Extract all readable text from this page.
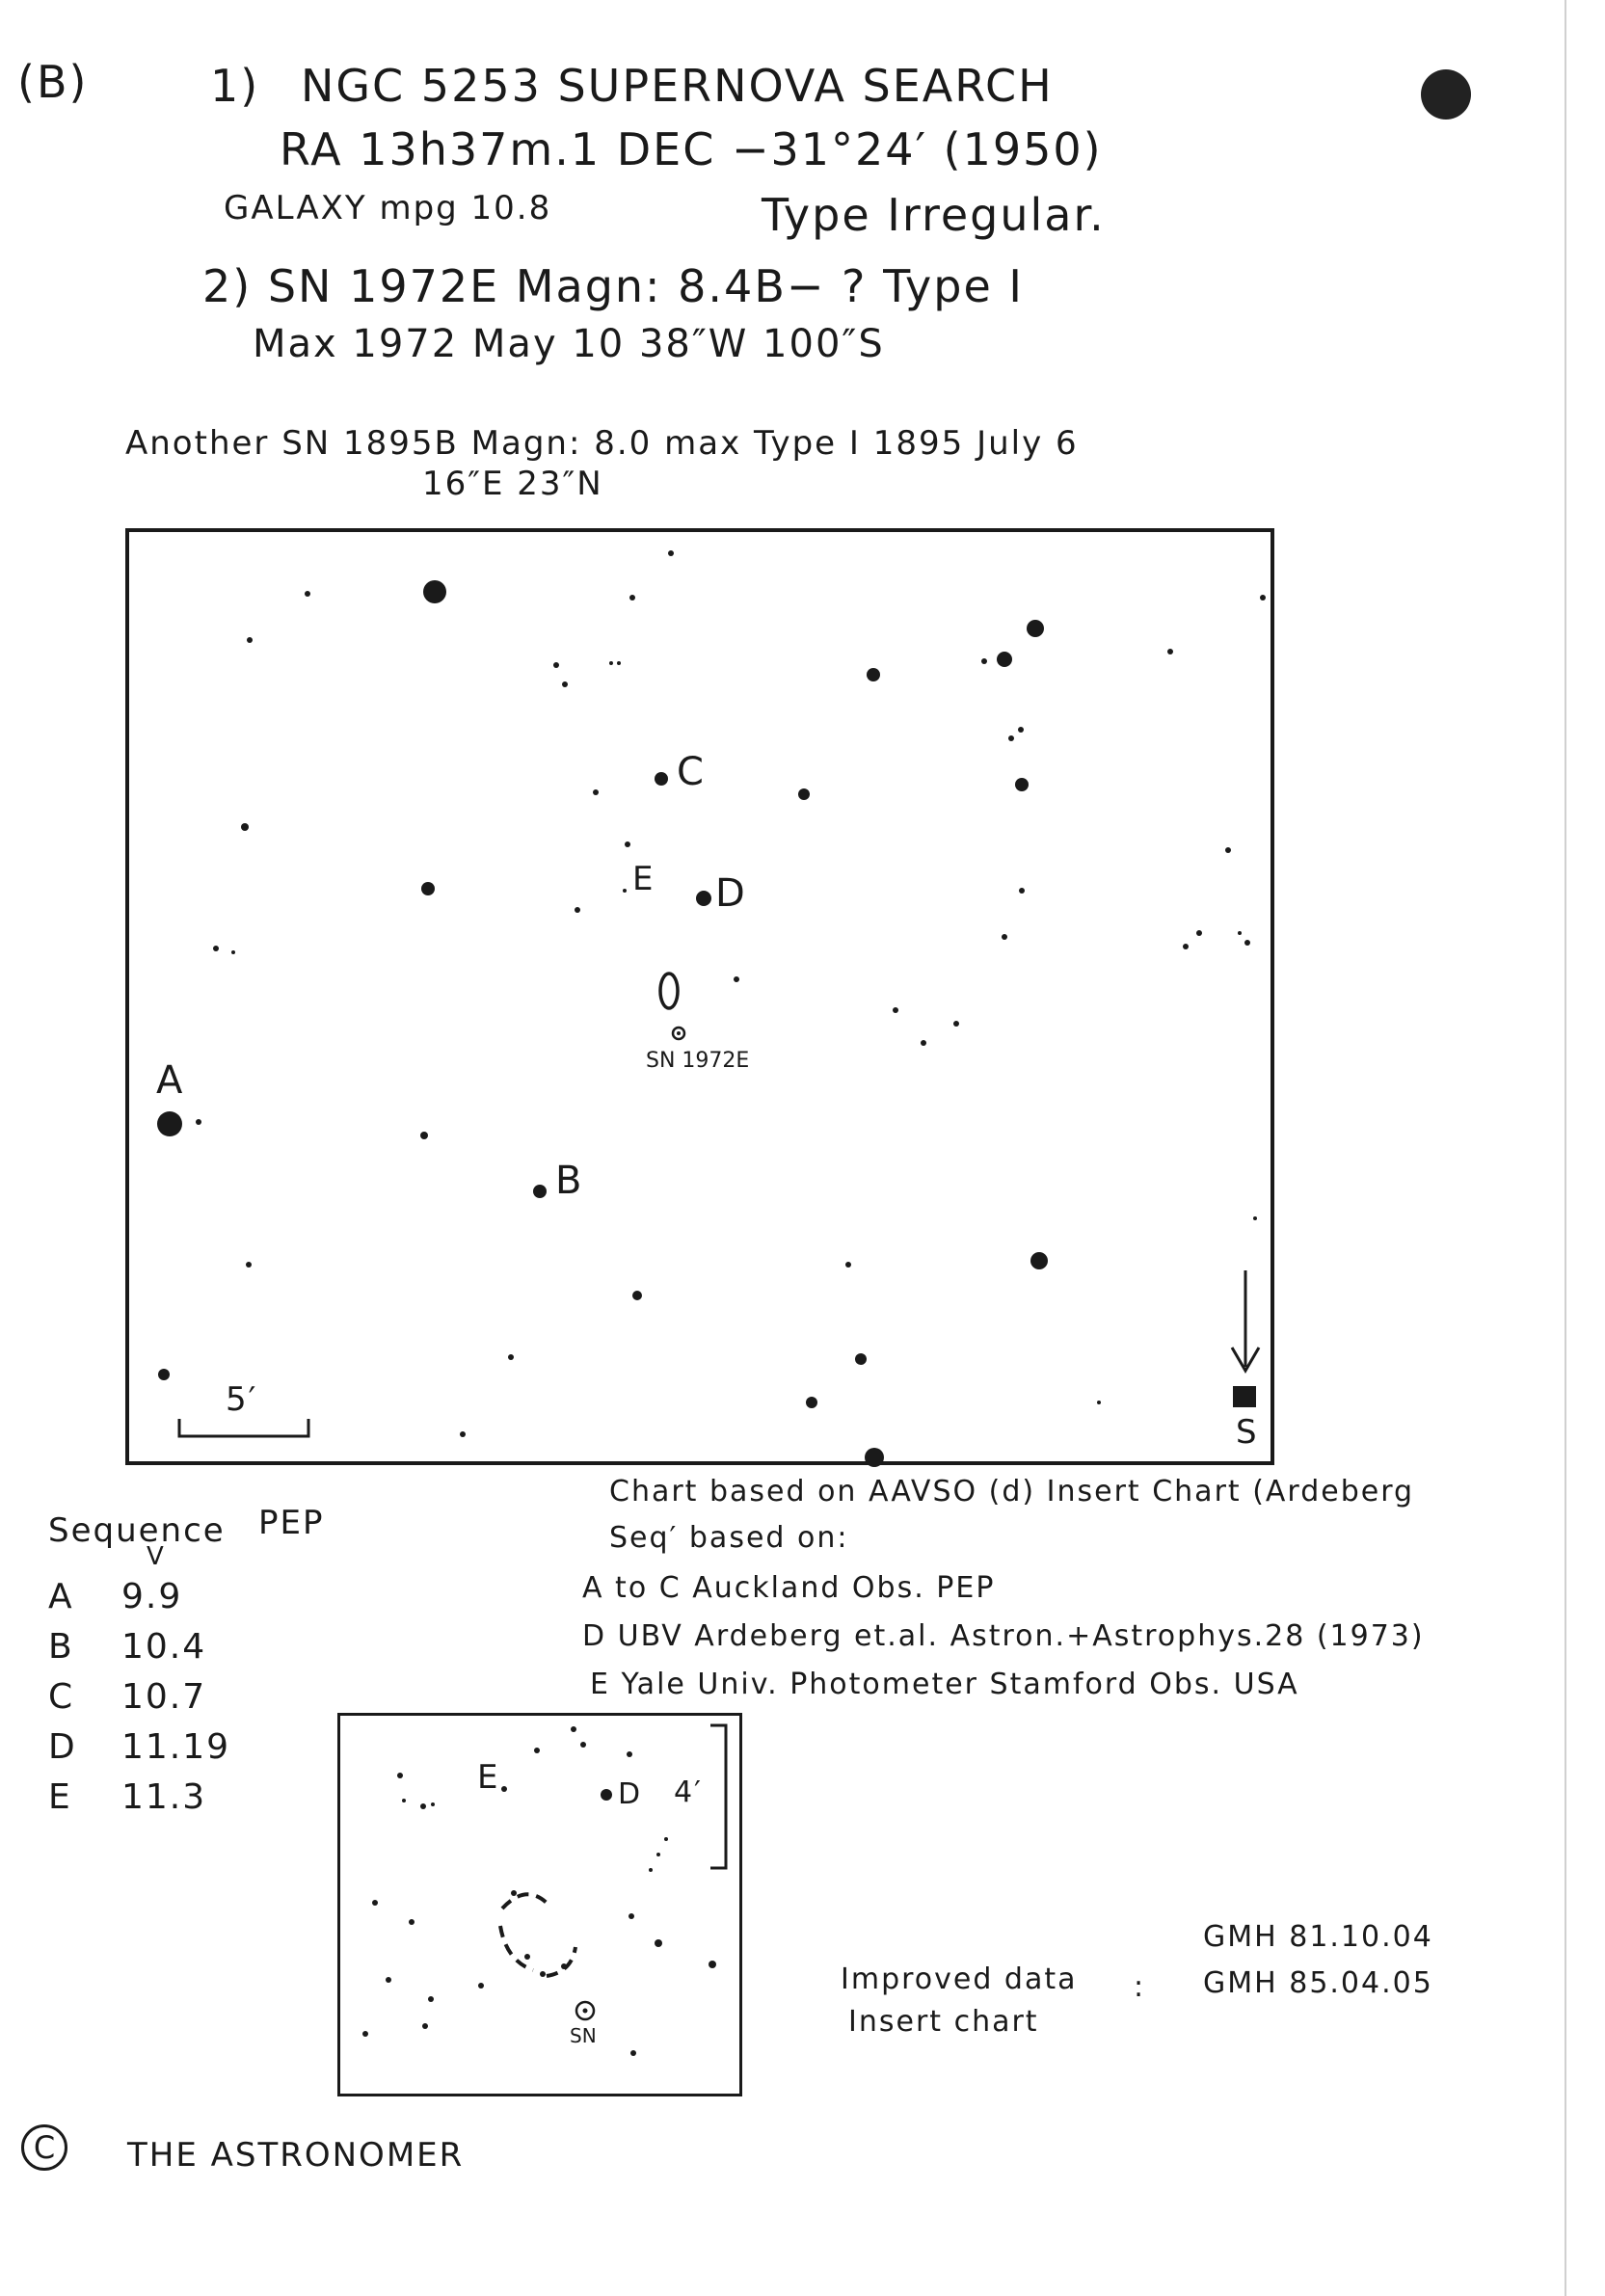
(B)	1) NGC 5253 SUPERNOVA SEARCH
RA 13h37m.1 DEC −31°24′ (1950)
GALAXY mpg 10.8	Type Irregular.
2) SN 1972E Magn: 8.4B− ? Type I
Max 1972 May 10 38″W 100″S
Another SN 1895B Magn: 8.0 max Type I 1895 July 6
16″E 23″N
C
E D
SN 1972E
A
B
5′
S
Chart based on AAVSO (d) Insert Chart (Ardeberg
Seq′ based on:
A to C Auckland Obs. PEP
D UBV Ardeberg et.al. Astron.+Astrophys.28 (1973)
E Yale Univ. Photometer Stamford Obs. USA
Sequence PEP
V
A 9.9
B 10.4
C 10.7
D 11.19
E 11.3	E	D 4′
SN
GMH 81.10.04
Improved data : GMH 85.04.05
Insert chart
C	THE ASTRONOMER
